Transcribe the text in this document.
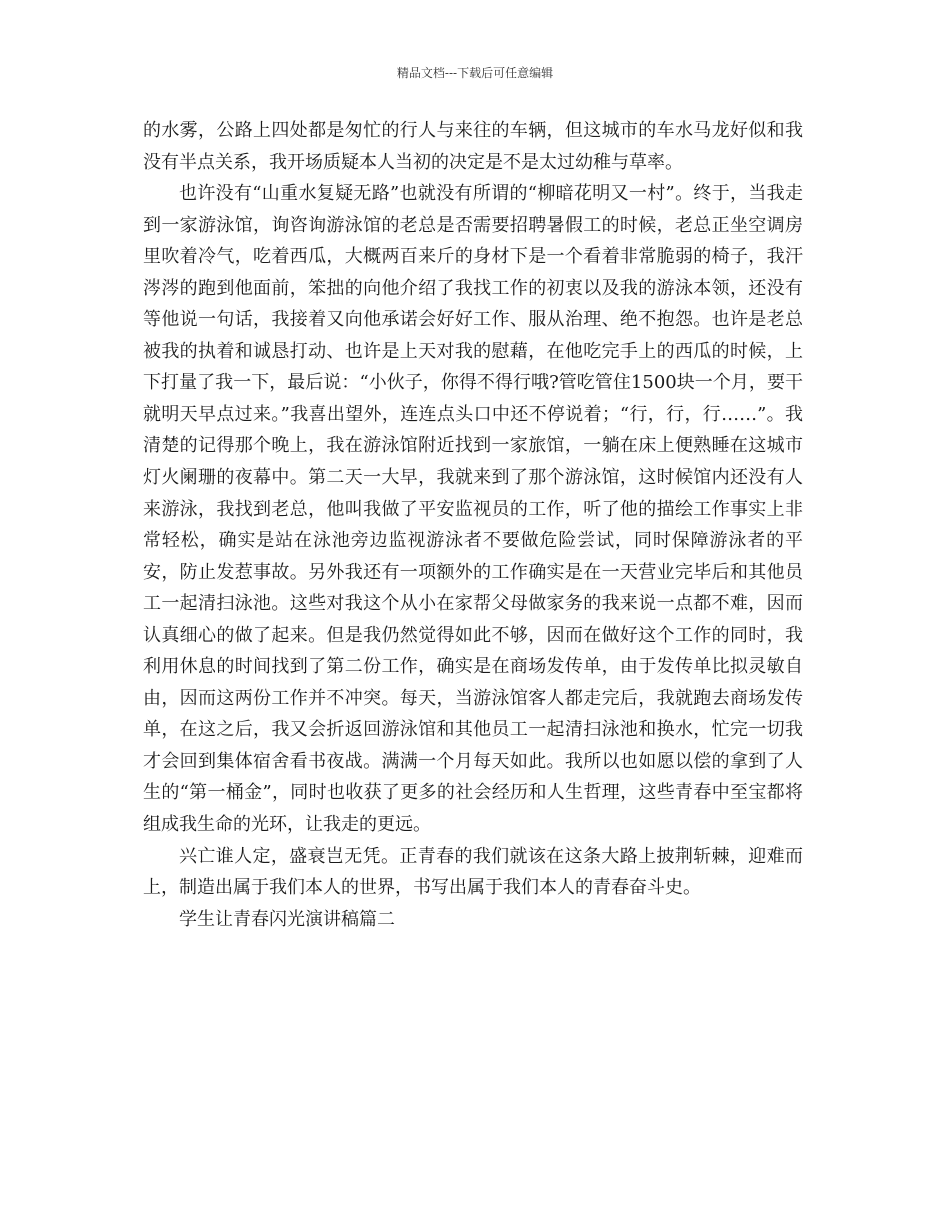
精品文档---下载后可任意编辑

的水雾，公路上四处都是匆忙的行人与来往的车辆，但这城市的车水马龙好似和我没有半点关系，我开场质疑本人当初的决定是不是太过幼稚与草率。

也许没有“山重水复疑无路”也就没有所谓的“柳暗花明又一村”。终于，当我走到一家游泳馆，询咨询游泳馆的老总是否需要招聘暑假工的时候，老总正坐空调房里吹着冷气，吃着西瓜，大概两百来斤的身材下是一个看着非常脆弱的椅子，我汗涔涔的跑到他面前，笨拙的向他介绍了我找工作的初衷以及我的游泳本领，还没有等他说一句话，我接着又向他承诺会好好工作、服从治理、绝不抱怨。也许是老总被我的执着和诚恳打动、也许是上天对我的慰藉，在他吃完手上的西瓜的时候，上下打量了我一下，最后说：“小伙子，你得不得行哦?管吃管住1500块一个月，要干就明天早点过来。”我喜出望外，连连点头口中还不停说着；“行，行，行……”。我清楚的记得那个晚上，我在游泳馆附近找到一家旅馆，一躺在床上便熟睡在这城市灯火阑珊的夜幕中。第二天一大早，我就来到了那个游泳馆，这时候馆内还没有人来游泳，我找到老总，他叫我做了平安监视员的工作，听了他的描绘工作事实上非常轻松，确实是站在泳池旁边监视游泳者不要做危险尝试，同时保障游泳者的平安，防止发惹事故。另外我还有一项额外的工作确实是在一天营业完毕后和其他员工一起清扫泳池。这些对我这个从小在家帮父母做家务的我来说一点都不难，因而认真细心的做了起来。但是我仍然觉得如此不够，因而在做好这个工作的同时，我利用休息的时间找到了第二份工作，确实是在商场发传单，由于发传单比拟灵敏自由，因而这两份工作并不冲突。每天，当游泳馆客人都走完后，我就跑去商场发传单，在这之后，我又会折返回游泳馆和其他员工一起清扫泳池和换水，忙完一切我才会回到集体宿舍看书夜战。满满一个月每天如此。我所以也如愿以偿的拿到了人生的“第一桶金”，同时也收获了更多的社会经历和人生哲理，这些青春中至宝都将组成我生命的光环，让我走的更远。

兴亡谁人定，盛衰岂无凭。正青春的我们就该在这条大路上披荆斩棘，迎难而上，制造出属于我们本人的世界，书写出属于我们本人的青春奋斗史。

学生让青春闪光演讲稿篇二
